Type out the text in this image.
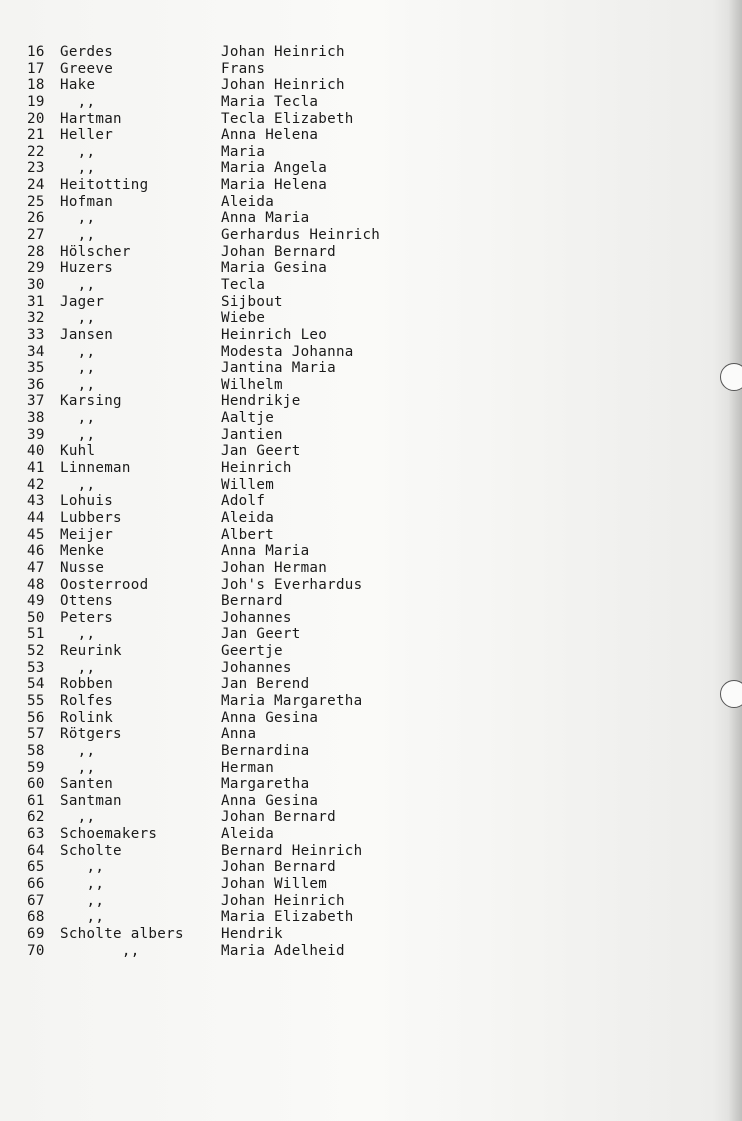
16	Gerdes	Johan Heinrich
17	Greeve	Frans
18	Hake	Johan Heinrich
19	,,	Maria Tecla
20	Hartman	Tecla Elizabeth
21	Heller	Anna Helena
22	,,	Maria
23	,,	Maria Angela
24	Heitotting	Maria Helena
25	Hofman	Aleida
26	,,	Anna Maria
27	,,	Gerhardus Heinrich
28	Hölscher	Johan Bernard
29	Huzers	Maria Gesina
30	,,	Tecla
31	Jager	Sijbout
32	,,	Wiebe
33	Jansen	Heinrich Leo
34	,,	Modesta Johanna
35	,,	Jantina Maria
36	,,	Wilhelm
37	Karsing	Hendrikje
38	,,	Aaltje
39	,,	Jantien
40	Kuhl	Jan Geert
41	Linneman	Heinrich
42	,,	Willem
43	Lohuis	Adolf
44	Lubbers	Aleida
45	Meijer	Albert
46	Menke	Anna Maria
47	Nusse	Johan Herman
48	Oosterrood	Joh's Everhardus
49	Ottens	Bernard
50	Peters	Johannes
51	,,	Jan Geert
52	Reurink	Geertje
53	,,	Johannes
54	Robben	Jan Berend
55	Rolfes	Maria Margaretha
56	Rolink	Anna Gesina
57	Rötgers	Anna
58	,,	Bernardina
59	,,	Herman
60	Santen	Margaretha
61	Santman	Anna Gesina
62	,,	Johan Bernard
63	Schoemakers	Aleida
64	Scholte	Bernard Heinrich
65	,,	Johan Bernard
66	,,	Johan Willem
67	,,	Johan Heinrich
68	,,	Maria Elizabeth
69	Scholte albers	Hendrik
70	,,	Maria Adelheid
